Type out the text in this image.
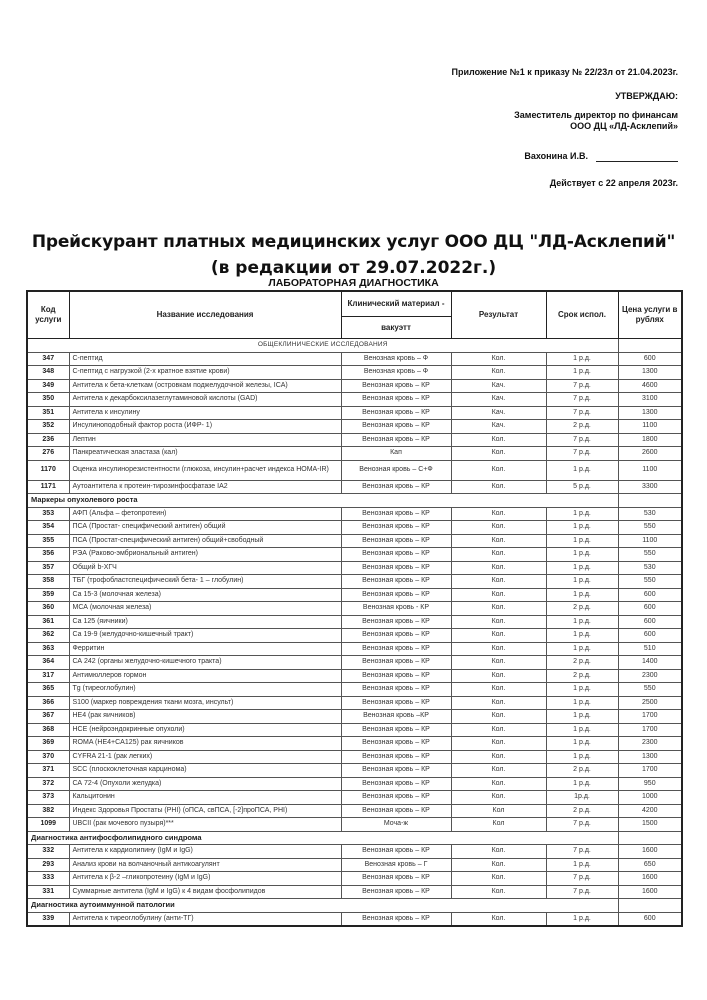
Приложение №1 к приказу № 22/23л от 21.04.2023г.
УТВЕРЖДАЮ:
Заместитель директор по финансам
ООО ДЦ «ЛД-Асклепий»
Вахонина И.В.
Действует с 22 апреля 2023г.
Прейскурант платных медицинских услуг ООО ДЦ "ЛД-Асклепий"
(в редакции от 29.07.2022г.)
ЛАБОРАТОРНАЯ ДИАГНОСТИКА
Код услуги	Название исследования	Клинический материал -	Результат	Срок испол.	Цена услуги в рублях
		вакуэтт			
ОБЩЕКЛИНИЧЕСКИЕ ИССЛЕДОВАНИЯ					
347	С-пептид	Венозная кровь – Ф	Кол.	1 р.д.	600
348	С-пептид с нагрузкой (2-х кратное взятие крови)	Венозная кровь – Ф	Кол.	1 р.д.	1300
349	Антитела к бета-клеткам (островкам поджелудочной железы, ICA)	Венозная кровь – КР	Кач.	7 р.д.	4600
350	Антитела к декарбоксилазеглутаминовой кислоты (GAD)	Венозная кровь – КР	Кач.	7 р.д.	3100
351	Антитела к инсулину	Венозная кровь – КР	Кач.	7 р.д.	1300
352	Инсулиноподобный фактор роста (ИФР- 1)	Венозная кровь – КР	Кач.	2 р.д.	1100
236	Лептин	Венозная кровь – КР	Кол.	7 р.д.	1800
276	Панкреатическая эластаза (кал)	Кап	Кол.	7 р.д.	2600
1170	Оценка инсулинорезистентности (глюкоза, инсулин+расчет индекса HOMA-IR)	Венозная кровь – С+Ф	Кол.	1 р.д.	1100
1171	Аутоантитела к протеин-тирозинфосфатазе IA2	Венозная кровь – КР	Кол.	5 р.д.	3300
Маркеры опухолевого роста					
353	АФП (Альфа – фетопротеин)	Венозная кровь – КР	Кол.	1 р.д.	530
354	ПСА (Простат- специфический антиген) общий	Венозная кровь – КР	Кол.	1 р.д.	550
355	ПСА (Простат-специфический антиген) общий+свободный	Венозная кровь – КР	Кол.	1 р.д.	1100
356	РЭА (Раково-эмбриональный антиген)	Венозная кровь – КР	Кол.	1 р.д.	550
357	Общий b-ХГЧ	Венозная кровь – КР	Кол.	1 р.д.	530
358	ТБГ (трофобластспецифический бета- 1 – глобулин)	Венозная кровь – КР	Кол.	1 р.д.	550
359	Са 15-3 (молочная железа)	Венозная кровь – КР	Кол.	1 р.д.	600
360	МСА (молочная железа)	Венозная кровь - КР	Кол.	2 р.д.	600
361	Са 125 (яичники)	Венозная кровь – КР	Кол.	1 р.д.	600
362	Са 19-9 (желудочно-кишечный тракт)	Венозная кровь – КР	Кол.	1 р.д.	600
363	Ферритин	Венозная кровь – КР	Кол.	1 р.д.	510
364	СА 242 (органы желудочно-кишечного тракта)	Венозная кровь – КР	Кол.	2 р.д.	1400
317	Антимюллеров гормон	Венозная кровь – КР	Кол.	2 р.д.	2300
365	Tg (тиреоглобулин)	Венозная кровь – КР	Кол.	1 р.д.	550
366	S100 (маркер повреждения ткани мозга, инсульт)	Венозная кровь – КР	Кол.	1 р.д.	2500
367	HE4 (рак яичников)	Венозная кровь –КР	Кол.	1 р.д.	1700
368	HCE (нейроэндокринные опухоли)	Венозная кровь – КР	Кол.	1 р.д.	1700
369	ROMA (HE4+CA125) рак яичников	Венозная кровь – КР	Кол.	1 р.д.	2300
370	CYFRA 21-1 (рак легких)	Венозная кровь – КР	Кол.	1 р.д.	1300
371	SCC (плоскоклеточная карцинома)	Венозная кровь – КР	Кол.	2 р.д.	1700
372	СА 72-4 (Опухоли желудка)	Венозная кровь – КР	Кол.	1 р.д.	950
373	Кальцитонин	Венозная кровь – КР	Кол.	1р.д.	1000
382	Индекс Здоровья Простаты (PHI) (оПСА, свПСА, [-2]проПСА, PHI)	Венозная кровь – КР	Кол	2 р.д.	4200
1099	UBCII (рак мочевого пузыря)***	Моча-ж	Кол	7 р.д.	1500
Диагностика антифосфолипидного синдрома					
332	Антитела к кардиолипину (IgM и IgG)	Венозная кровь – КР	Кол.	7 р.д.	1600
293	Анализ крови на волчаночный антикоагулянт	Венозная кровь – Г	Кол.	1 р.д.	650
333	Антитела к β-2 –гликопротеину (IgM и IgG)	Венозная кровь – КР	Кол.	7 р.д.	1600
331	Суммарные антитела (IgM и IgG) к 4 видам фосфолипидов	Венозная кровь – КР	Кол.	7 р.д.	1600
Диагностика аутоиммунной патологии					
339	Антитела к тиреоглобулину (анти-ТГ)	Венозная кровь – КР	Кол.	1 р.д.	600
